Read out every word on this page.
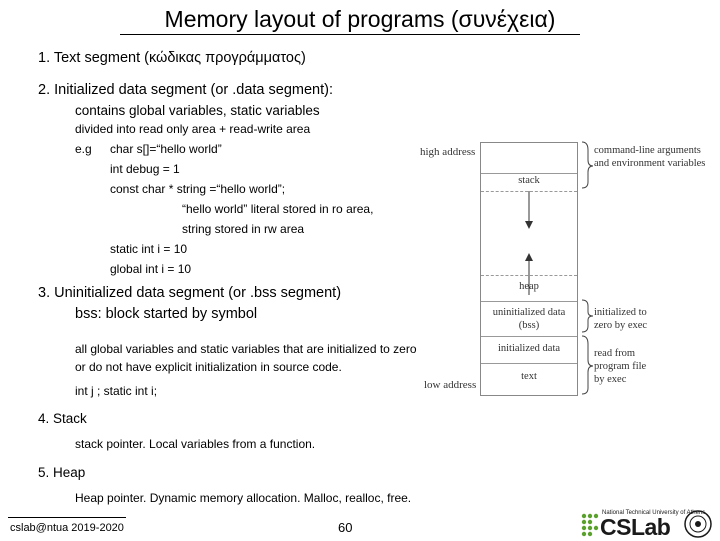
Memory layout of programs (συνέχεια)
1. Text segment (κώδικας προγράμματος)
2. Initialized data segment (or .data segment):
contains global variables, static variables
divided into read only area + read-write area
e.g char s[]=“hello world”
int debug = 1
const char * string =“hello world”;
“hello world” literal stored in ro area,
string stored in rw area
static int i = 10
global int i = 10
3. Uninitialized data segment (or .bss segment)
bss: block started by symbol
all global variables and static variables that are initialized to zero
or do not have explicit initialization in source code.
int j ; static int i;
4. Stack
stack pointer. Local variables from a function.
5. Heap
Heap pointer. Dynamic memory allocation. Malloc, realloc, free.
high address
low address
stack
heap
uninitialized data
(bss)
initialized data
text
command-line arguments
and environment variables
initialized to
zero by exec
read from
program file
by exec
cslab@ntua 2019-2020	60
National Technical University of Athens
CSLab
